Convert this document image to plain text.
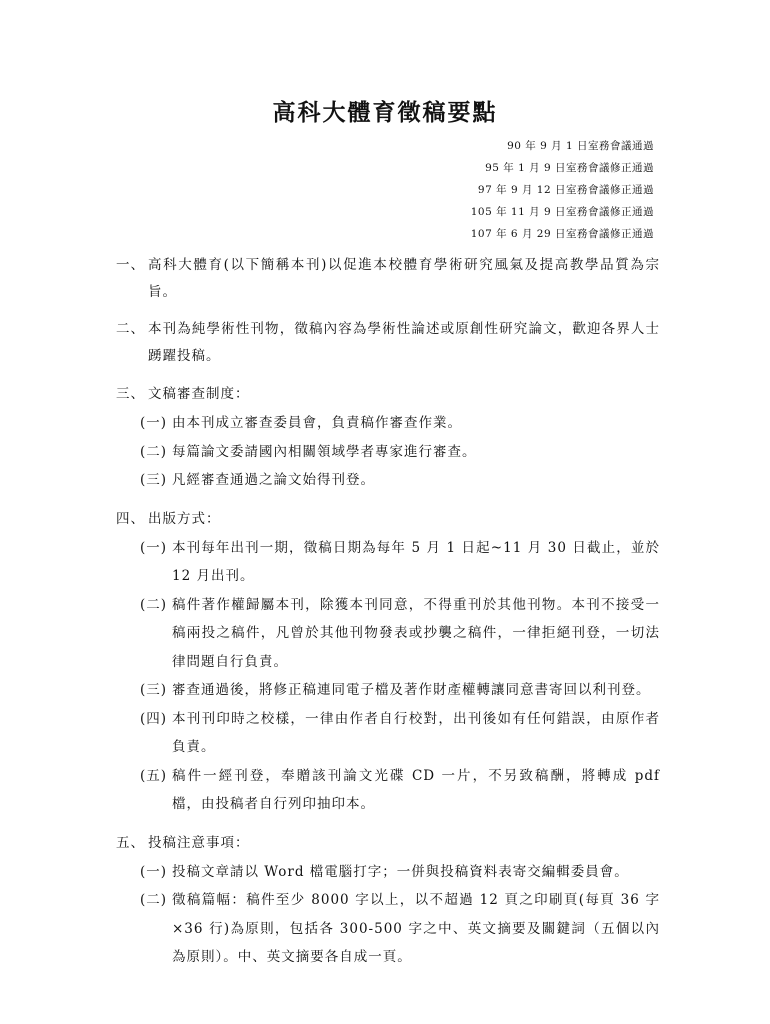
高科大體育徵稿要點
90 年 9 月 1 日室務會議通過
95 年 1 月 9 日室務會議修正通過
97 年 9 月 12 日室務會議修正通過
105 年 11 月 9 日室務會議修正通過
107 年 6 月 29 日室務會議修正通過
一、 高科大體育(以下簡稱本刊)以促進本校體育學術研究風氣及提高教學品質為宗旨。
二、 本刊為純學術性刊物，徵稿內容為學術性論述或原創性研究論文，歡迎各界人士踴躍投稿。
三、 文稿審查制度：
(一) 由本刊成立審查委員會，負責稿作審查作業。
(二) 每篇論文委請國內相關領域學者專家進行審查。
(三) 凡經審查通過之論文始得刊登。
四、 出版方式：
(一) 本刊每年出刊一期，徵稿日期為每年 5 月 1 日起~11 月 30 日截止，並於 12 月出刊。
(二) 稿件著作權歸屬本刊，除獲本刊同意，不得重刊於其他刊物。本刊不接受一稿兩投之稿件，凡曾於其他刊物發表或抄襲之稿件，一律拒絕刊登，一切法律問題自行負責。
(三) 審查通過後，將修正稿連同電子檔及著作財產權轉讓同意書寄回以利刊登。
(四) 本刊刊印時之校樣，一律由作者自行校對，出刊後如有任何錯誤，由原作者負責。
(五) 稿件一經刊登，奉贈該刊論文光碟 CD 一片，不另致稿酬，將轉成 pdf 檔，由投稿者自行列印抽印本。
五、 投稿注意事項：
(一) 投稿文章請以 Word 檔電腦打字；一併與投稿資料表寄交編輯委員會。
(二) 徵稿篇幅：稿件至少 8000 字以上，以不超過 12 頁之印刷頁(每頁 36 字×36 行)為原則，包括各 300-500 字之中、英文摘要及關鍵詞（五個以內為原則）。中、英文摘要各自成一頁。
